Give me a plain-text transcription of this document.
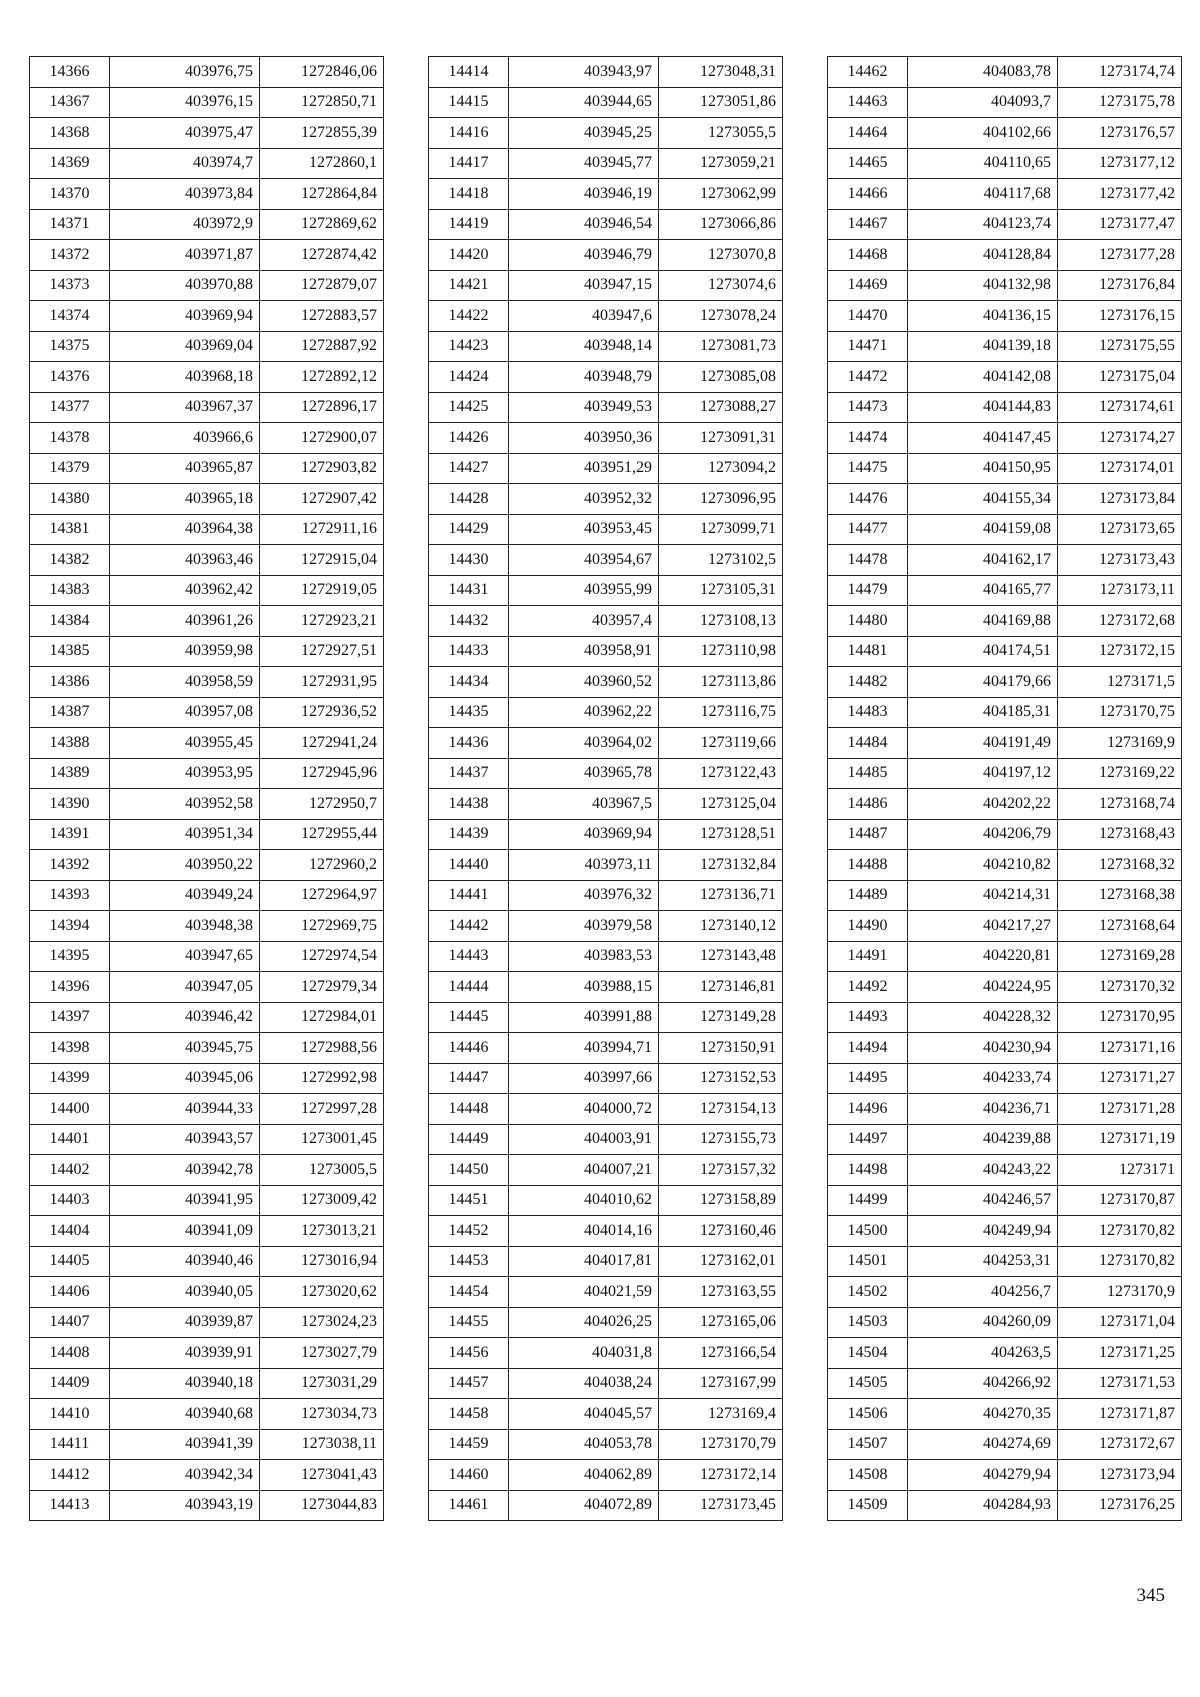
14366	403976,75	1272846,06
14367	403976,15	1272850,71
14368	403975,47	1272855,39
14369	403974,7	1272860,1
14370	403973,84	1272864,84
14371	403972,9	1272869,62
14372	403971,87	1272874,42
14373	403970,88	1272879,07
14374	403969,94	1272883,57
14375	403969,04	1272887,92
14376	403968,18	1272892,12
14377	403967,37	1272896,17
14378	403966,6	1272900,07
14379	403965,87	1272903,82
14380	403965,18	1272907,42
14381	403964,38	1272911,16
14382	403963,46	1272915,04
14383	403962,42	1272919,05
14384	403961,26	1272923,21
14385	403959,98	1272927,51
14386	403958,59	1272931,95
14387	403957,08	1272936,52
14388	403955,45	1272941,24
14389	403953,95	1272945,96
14390	403952,58	1272950,7
14391	403951,34	1272955,44
14392	403950,22	1272960,2
14393	403949,24	1272964,97
14394	403948,38	1272969,75
14395	403947,65	1272974,54
14396	403947,05	1272979,34
14397	403946,42	1272984,01
14398	403945,75	1272988,56
14399	403945,06	1272992,98
14400	403944,33	1272997,28
14401	403943,57	1273001,45
14402	403942,78	1273005,5
14403	403941,95	1273009,42
14404	403941,09	1273013,21
14405	403940,46	1273016,94
14406	403940,05	1273020,62
14407	403939,87	1273024,23
14408	403939,91	1273027,79
14409	403940,18	1273031,29
14410	403940,68	1273034,73
14411	403941,39	1273038,11
14412	403942,34	1273041,43
14413	403943,19	1273044,83
14414	403943,97	1273048,31
14415	403944,65	1273051,86
14416	403945,25	1273055,5
14417	403945,77	1273059,21
14418	403946,19	1273062,99
14419	403946,54	1273066,86
14420	403946,79	1273070,8
14421	403947,15	1273074,6
14422	403947,6	1273078,24
14423	403948,14	1273081,73
14424	403948,79	1273085,08
14425	403949,53	1273088,27
14426	403950,36	1273091,31
14427	403951,29	1273094,2
14428	403952,32	1273096,95
14429	403953,45	1273099,71
14430	403954,67	1273102,5
14431	403955,99	1273105,31
14432	403957,4	1273108,13
14433	403958,91	1273110,98
14434	403960,52	1273113,86
14435	403962,22	1273116,75
14436	403964,02	1273119,66
14437	403965,78	1273122,43
14438	403967,5	1273125,04
14439	403969,94	1273128,51
14440	403973,11	1273132,84
14441	403976,32	1273136,71
14442	403979,58	1273140,12
14443	403983,53	1273143,48
14444	403988,15	1273146,81
14445	403991,88	1273149,28
14446	403994,71	1273150,91
14447	403997,66	1273152,53
14448	404000,72	1273154,13
14449	404003,91	1273155,73
14450	404007,21	1273157,32
14451	404010,62	1273158,89
14452	404014,16	1273160,46
14453	404017,81	1273162,01
14454	404021,59	1273163,55
14455	404026,25	1273165,06
14456	404031,8	1273166,54
14457	404038,24	1273167,99
14458	404045,57	1273169,4
14459	404053,78	1273170,79
14460	404062,89	1273172,14
14461	404072,89	1273173,45
14462	404083,78	1273174,74
14463	404093,7	1273175,78
14464	404102,66	1273176,57
14465	404110,65	1273177,12
14466	404117,68	1273177,42
14467	404123,74	1273177,47
14468	404128,84	1273177,28
14469	404132,98	1273176,84
14470	404136,15	1273176,15
14471	404139,18	1273175,55
14472	404142,08	1273175,04
14473	404144,83	1273174,61
14474	404147,45	1273174,27
14475	404150,95	1273174,01
14476	404155,34	1273173,84
14477	404159,08	1273173,65
14478	404162,17	1273173,43
14479	404165,77	1273173,11
14480	404169,88	1273172,68
14481	404174,51	1273172,15
14482	404179,66	1273171,5
14483	404185,31	1273170,75
14484	404191,49	1273169,9
14485	404197,12	1273169,22
14486	404202,22	1273168,74
14487	404206,79	1273168,43
14488	404210,82	1273168,32
14489	404214,31	1273168,38
14490	404217,27	1273168,64
14491	404220,81	1273169,28
14492	404224,95	1273170,32
14493	404228,32	1273170,95
14494	404230,94	1273171,16
14495	404233,74	1273171,27
14496	404236,71	1273171,28
14497	404239,88	1273171,19
14498	404243,22	1273171
14499	404246,57	1273170,87
14500	404249,94	1273170,82
14501	404253,31	1273170,82
14502	404256,7	1273170,9
14503	404260,09	1273171,04
14504	404263,5	1273171,25
14505	404266,92	1273171,53
14506	404270,35	1273171,87
14507	404274,69	1273172,67
14508	404279,94	1273173,94
14509	404284,93	1273176,25
345
